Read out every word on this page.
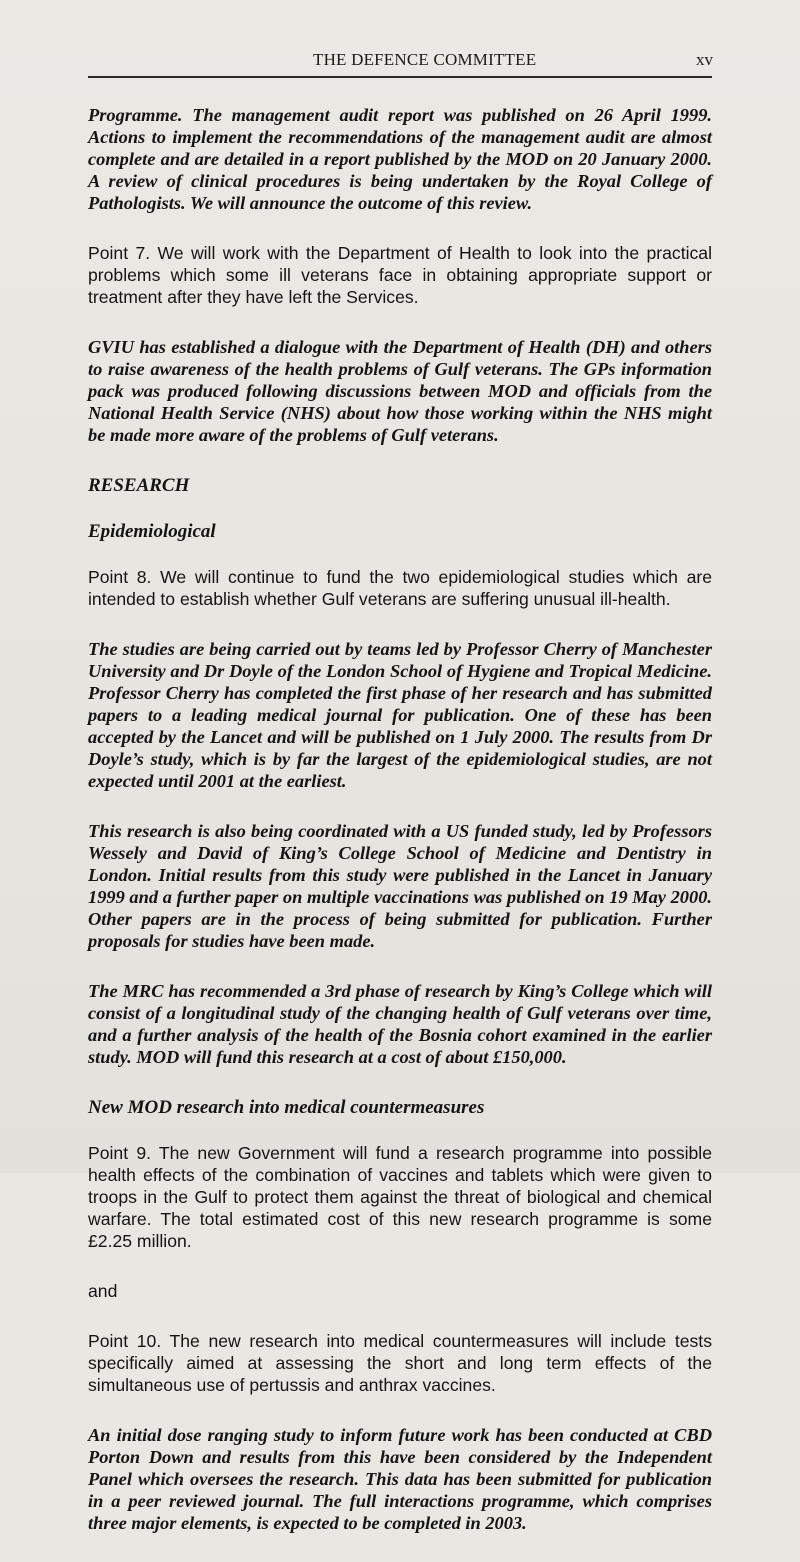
THE DEFENCE COMMITTEE	xv

Programme. The management audit report was published on 26 April 1999. Actions to implement the recommendations of the management audit are almost complete and are detailed in a report published by the MOD on 20 January 2000. A review of clinical procedures is being undertaken by the Royal College of Pathologists. We will announce the outcome of this review.

Point 7. We will work with the Department of Health to look into the practical problems which some ill veterans face in obtaining appropriate support or treatment after they have left the Services.

GVIU has established a dialogue with the Department of Health (DH) and others to raise awareness of the health problems of Gulf veterans. The GPs information pack was produced following discussions between MOD and officials from the National Health Service (NHS) about how those working within the NHS might be made more aware of the problems of Gulf veterans.

RESEARCH

Epidemiological

Point 8. We will continue to fund the two epidemiological studies which are intended to establish whether Gulf veterans are suffering unusual ill-health.

The studies are being carried out by teams led by Professor Cherry of Manchester University and Dr Doyle of the London School of Hygiene and Tropical Medicine. Professor Cherry has completed the first phase of her research and has submitted papers to a leading medical journal for publication. One of these has been accepted by the Lancet and will be published on 1 July 2000. The results from Dr Doyle’s study, which is by far the largest of the epidemiological studies, are not expected until 2001 at the earliest.

This research is also being coordinated with a US funded study, led by Professors Wessely and David of King’s College School of Medicine and Dentistry in London. Initial results from this study were published in the Lancet in January 1999 and a further paper on multiple vaccinations was published on 19 May 2000. Other papers are in the process of being submitted for publication. Further proposals for studies have been made.

The MRC has recommended a 3rd phase of research by King’s College which will consist of a longitudinal study of the changing health of Gulf veterans over time, and a further analysis of the health of the Bosnia cohort examined in the earlier study. MOD will fund this research at a cost of about £150,000.

New MOD research into medical countermeasures

Point 9. The new Government will fund a research programme into possible health effects of the combination of vaccines and tablets which were given to troops in the Gulf to protect them against the threat of biological and chemical warfare. The total estimated cost of this new research programme is some £2.25 million.

and

Point 10. The new research into medical countermeasures will include tests specifically aimed at assessing the short and long term effects of the simultaneous use of pertussis and anthrax vaccines.

An initial dose ranging study to inform future work has been conducted at CBD Porton Down and results from this have been considered by the Independent Panel which oversees the research. This data has been submitted for publication in a peer reviewed journal. The full interactions programme, which comprises three major elements, is expected to be completed in 2003.
